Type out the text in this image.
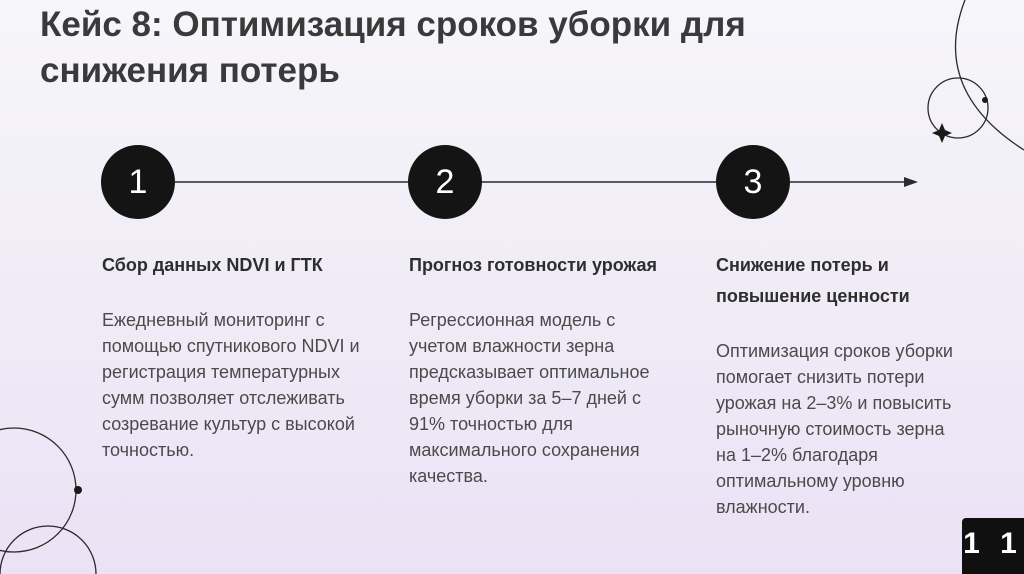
Кейс 8: Оптимизация сроков уборки для снижения потерь
1	2	3
Сбор данных NDVI и ГТК

Ежедневный мониторинг с помощью спутникового NDVI и регистрация температурных сумм позволяет отслеживать созревание культур с высокой точностью.

Прогноз готовности урожая

Регрессионная модель с учетом влажности зерна предсказывает оптимальное время уборки за 5–7 дней с 91% точностью для максимального сохранения качества.

Снижение потерь и повышение ценности

Оптимизация сроков уборки помогает снизить потери урожая на 2–3% и повысить рыночную стоимость зерна на 1–2% благодаря оптимальному уровню влажности.

1 1
